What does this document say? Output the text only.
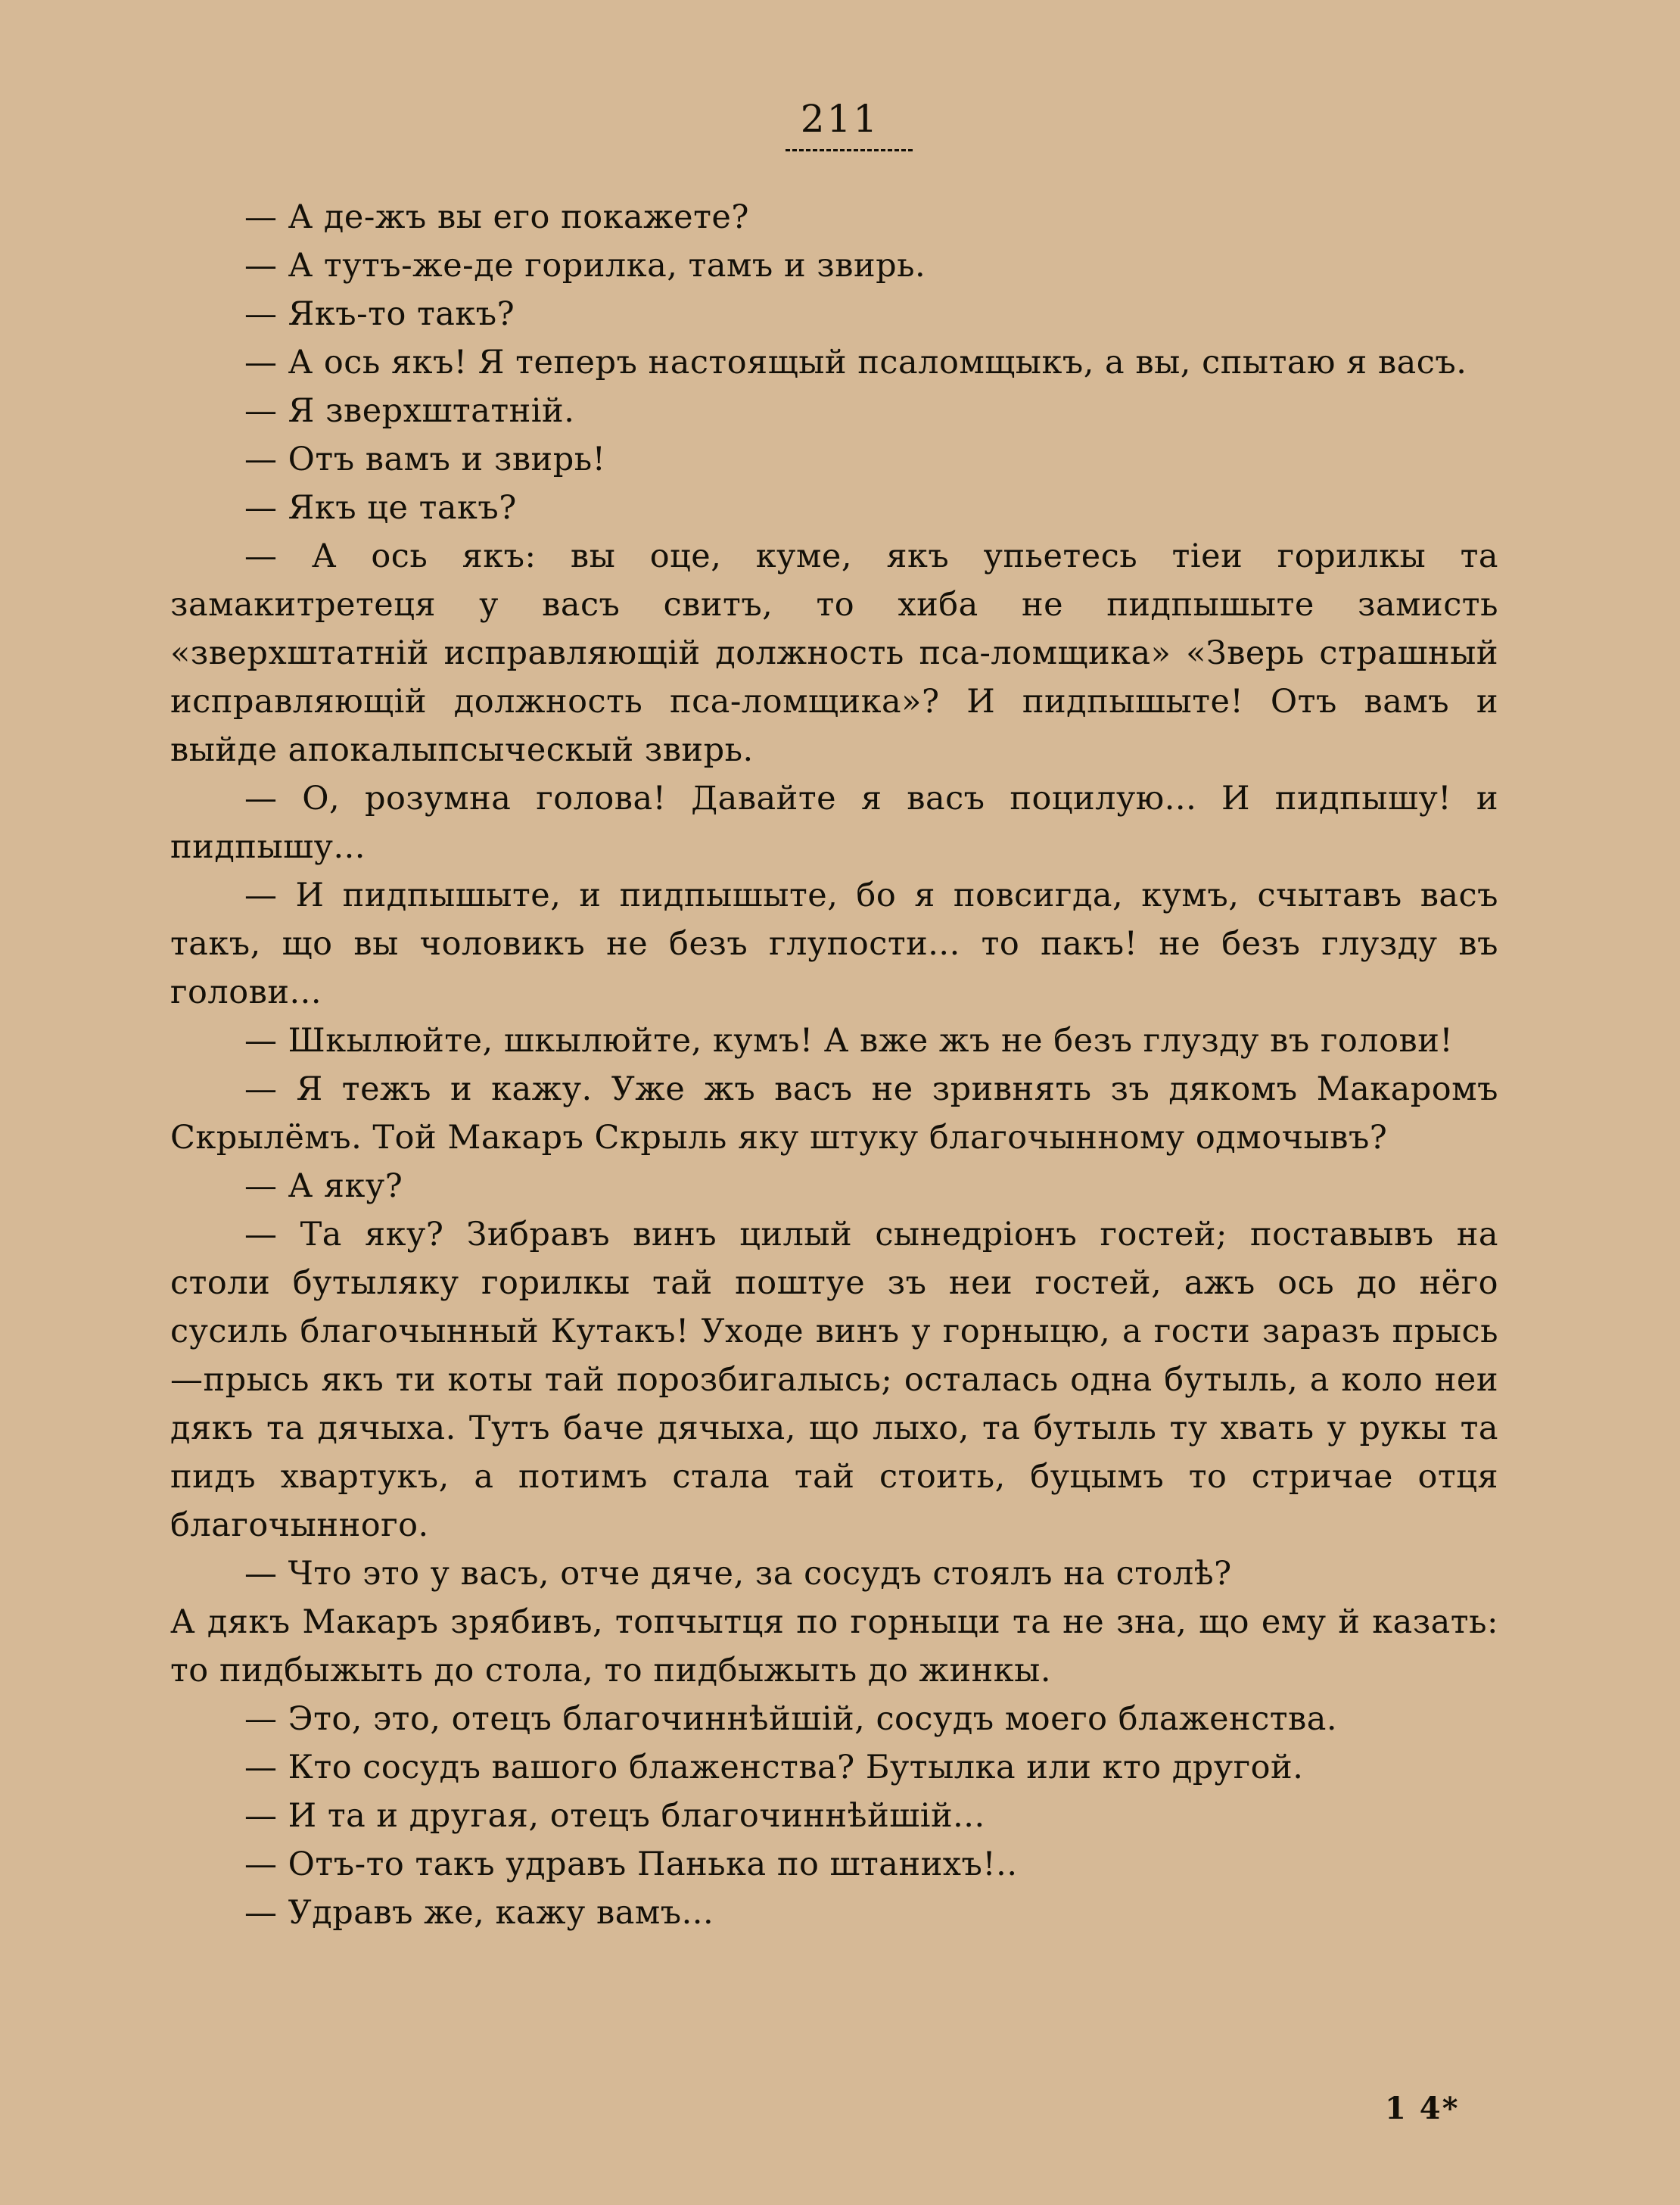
211

— А де-жъ вы его покажете?

— А тутъ-же-де горилка, тамъ и звирь.

— Якъ-то такъ?

— А ось якъ! Я теперъ настоящый псаломщыкъ, а вы, спытаю я васъ.

— Я зверхштатній.

— Отъ вамъ и звирь!

— Якъ це такъ?

— А ось якъ: вы оце, куме, якъ упьетесь тіеи горилкы та замакитретеця у васъ свитъ, то хиба не пидпышыте замисть «зверхштатній исправляющій должность пса-ломщика» «Зверь страшный исправляющій должность пса-ломщика»? И пидпышыте! Отъ вамъ и выйде апокалыпсыческый звирь.

— О, розумна голова! Давайте я васъ поцилую... И пидпышу! и пидпышу...

— И пидпышыте, и пидпышыте, бо я повсигда, кумъ, счытавъ васъ такъ, що вы чоловикъ не безъ глупости... то пакъ! не безъ глузду въ голови...

— Шкылюйте, шкылюйте, кумъ! А вже жъ не безъ глузду въ голови!

— Я тежъ и кажу. Уже жъ васъ не зривнять зъ дякомъ Макаромъ Скрылёмъ. Той Макаръ Скрыль яку штуку благочынному одмочывъ?

— А яку?

— Та яку? Зибравъ винъ цилый сынедріонъ гостей; поставывъ на столи бутыляку горилкы тай поштуе зъ неи гостей, ажъ ось до нёго сусиль благочынный Кутакъ! Уходе винъ у горныцю, а гости заразъ прысь—прысь якъ ти коты тай порозбигалысь; осталась одна бутыль, а коло неи дякъ та дячыха. Тутъ баче дячыха, що лыхо, та бутыль ту хвать у рукы та пидъ хвартукъ, а потимъ стала тай стоить, буцымъ то стричае отця благочынного.

— Что это у васъ, отче дяче, за сосудъ стоялъ на столѣ?

А дякъ Макаръ зрябивъ, топчытця по горныци та не зна, що ему й казать: то пидбыжыть до стола, то пидбыжыть до жинкы.

— Это, это, отецъ благочиннѣйшій, сосудъ моего блаженства.

— Кто сосудъ вашого блаженства? Бутылка или кто другой.

— И та и другая, отецъ благочиннѣйшій...

— Отъ-то такъ удравъ Панька по штанихъ!..

— Удравъ же, кажу вамъ...

1 4*
